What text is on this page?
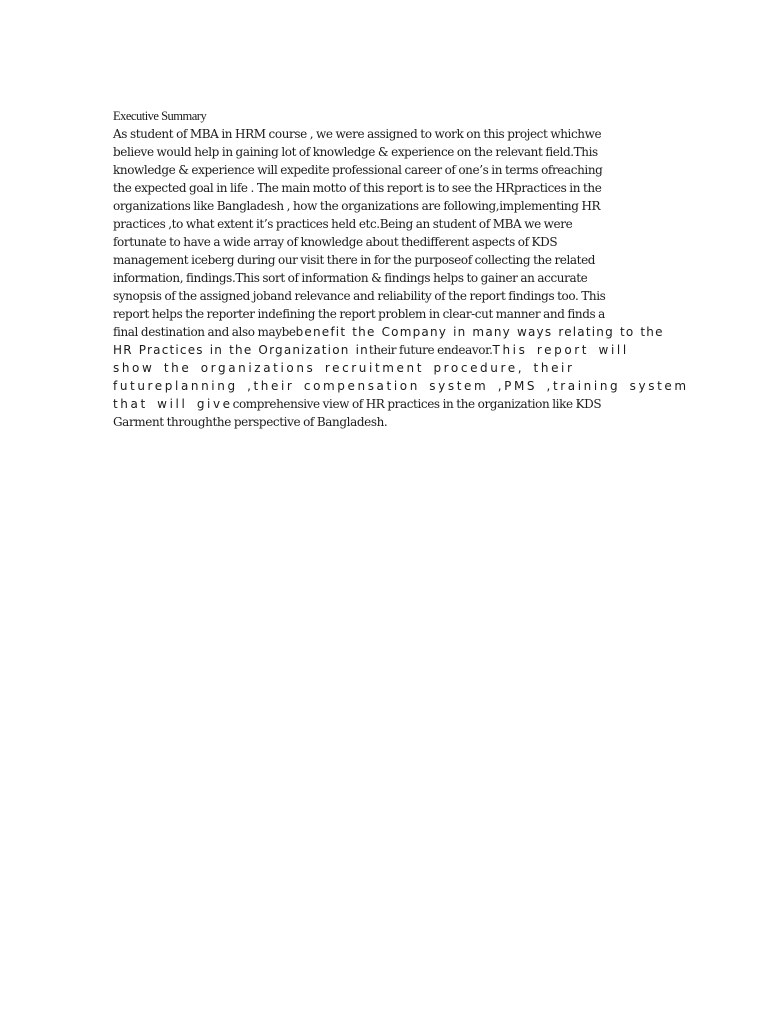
Executive Summary
As student of MBA in HRM course , we were assigned to work on this project whichwe
believe would help in gaining lot of knowledge & experience on the relevant field.This
knowledge & experience will expedite professional career of one’s in terms ofreaching
the expected goal in life . The main motto of this report is to see the HRpractices in the
organizations like Bangladesh , how the organizations are following,implementing HR
practices ,to what extent it’s practices held etc.Being an student of MBA we were
fortunate to have a wide array of knowledge about thedifferent aspects of KDS
management iceberg during our visit there in for the purposeof collecting the related
information, findings.This sort of information & findings helps to gainer an accurate
synopsis of the assigned joband relevance and reliability of the report findings too. This
report helps the reporter indefining the report problem in clear-cut manner and finds a
final destination and also maybebenefit the Company in many ways relating to the
HR Practices in the Organization intheir future endeavor.This report will
show the organizations recruitment procedure, their
futureplanning ,their compensation system ,PMS ,training system
that will givecomprehensive view of HR practices in the organization like KDS
Garment throughthe perspective of Bangladesh.
